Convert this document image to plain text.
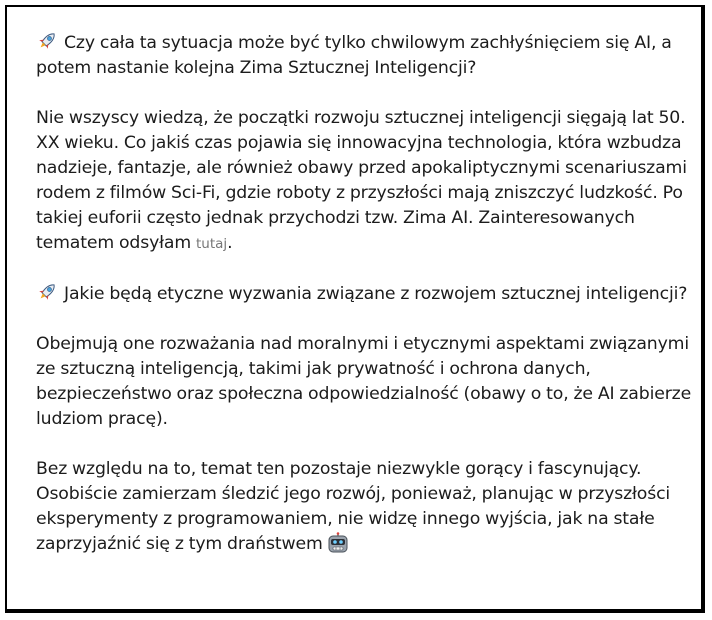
Czy cała ta sytuacja może być tylko chwilowym zachłyśnięciem się AI, a potem nastanie kolejna Zima Sztucznej Inteligencji?

Nie wszyscy wiedzą, że początki rozwoju sztucznej inteligencji sięgają lat 50. XX wieku. Co jakiś czas pojawia się innowacyjna technologia, która wzbudza nadzieje, fantazje, ale również obawy przed apokaliptycznymi scenariuszami rodem z filmów Sci-Fi, gdzie roboty z przyszłości mają zniszczyć ludzkość. Po takiej euforii często jednak przychodzi tzw. Zima AI. Zainteresowanych tematem odsyłam tutaj.

Jakie będą etyczne wyzwania związane z rozwojem sztucznej inteligencji?

Obejmują one rozważania nad moralnymi i etycznymi aspektami związanymi ze sztuczną inteligencją, takimi jak prywatność i ochrona danych, bezpieczeństwo oraz społeczna odpowiedzialność (obawy o to, że AI zabierze ludziom pracę).

Bez względu na to, temat ten pozostaje niezwykle gorący i fascynujący. Osobiście zamierzam śledzić jego rozwój, ponieważ, planując w przyszłości eksperymenty z programowaniem, nie widzę innego wyjścia, jak na stałe zaprzyjaźnić się z tym draństwem
